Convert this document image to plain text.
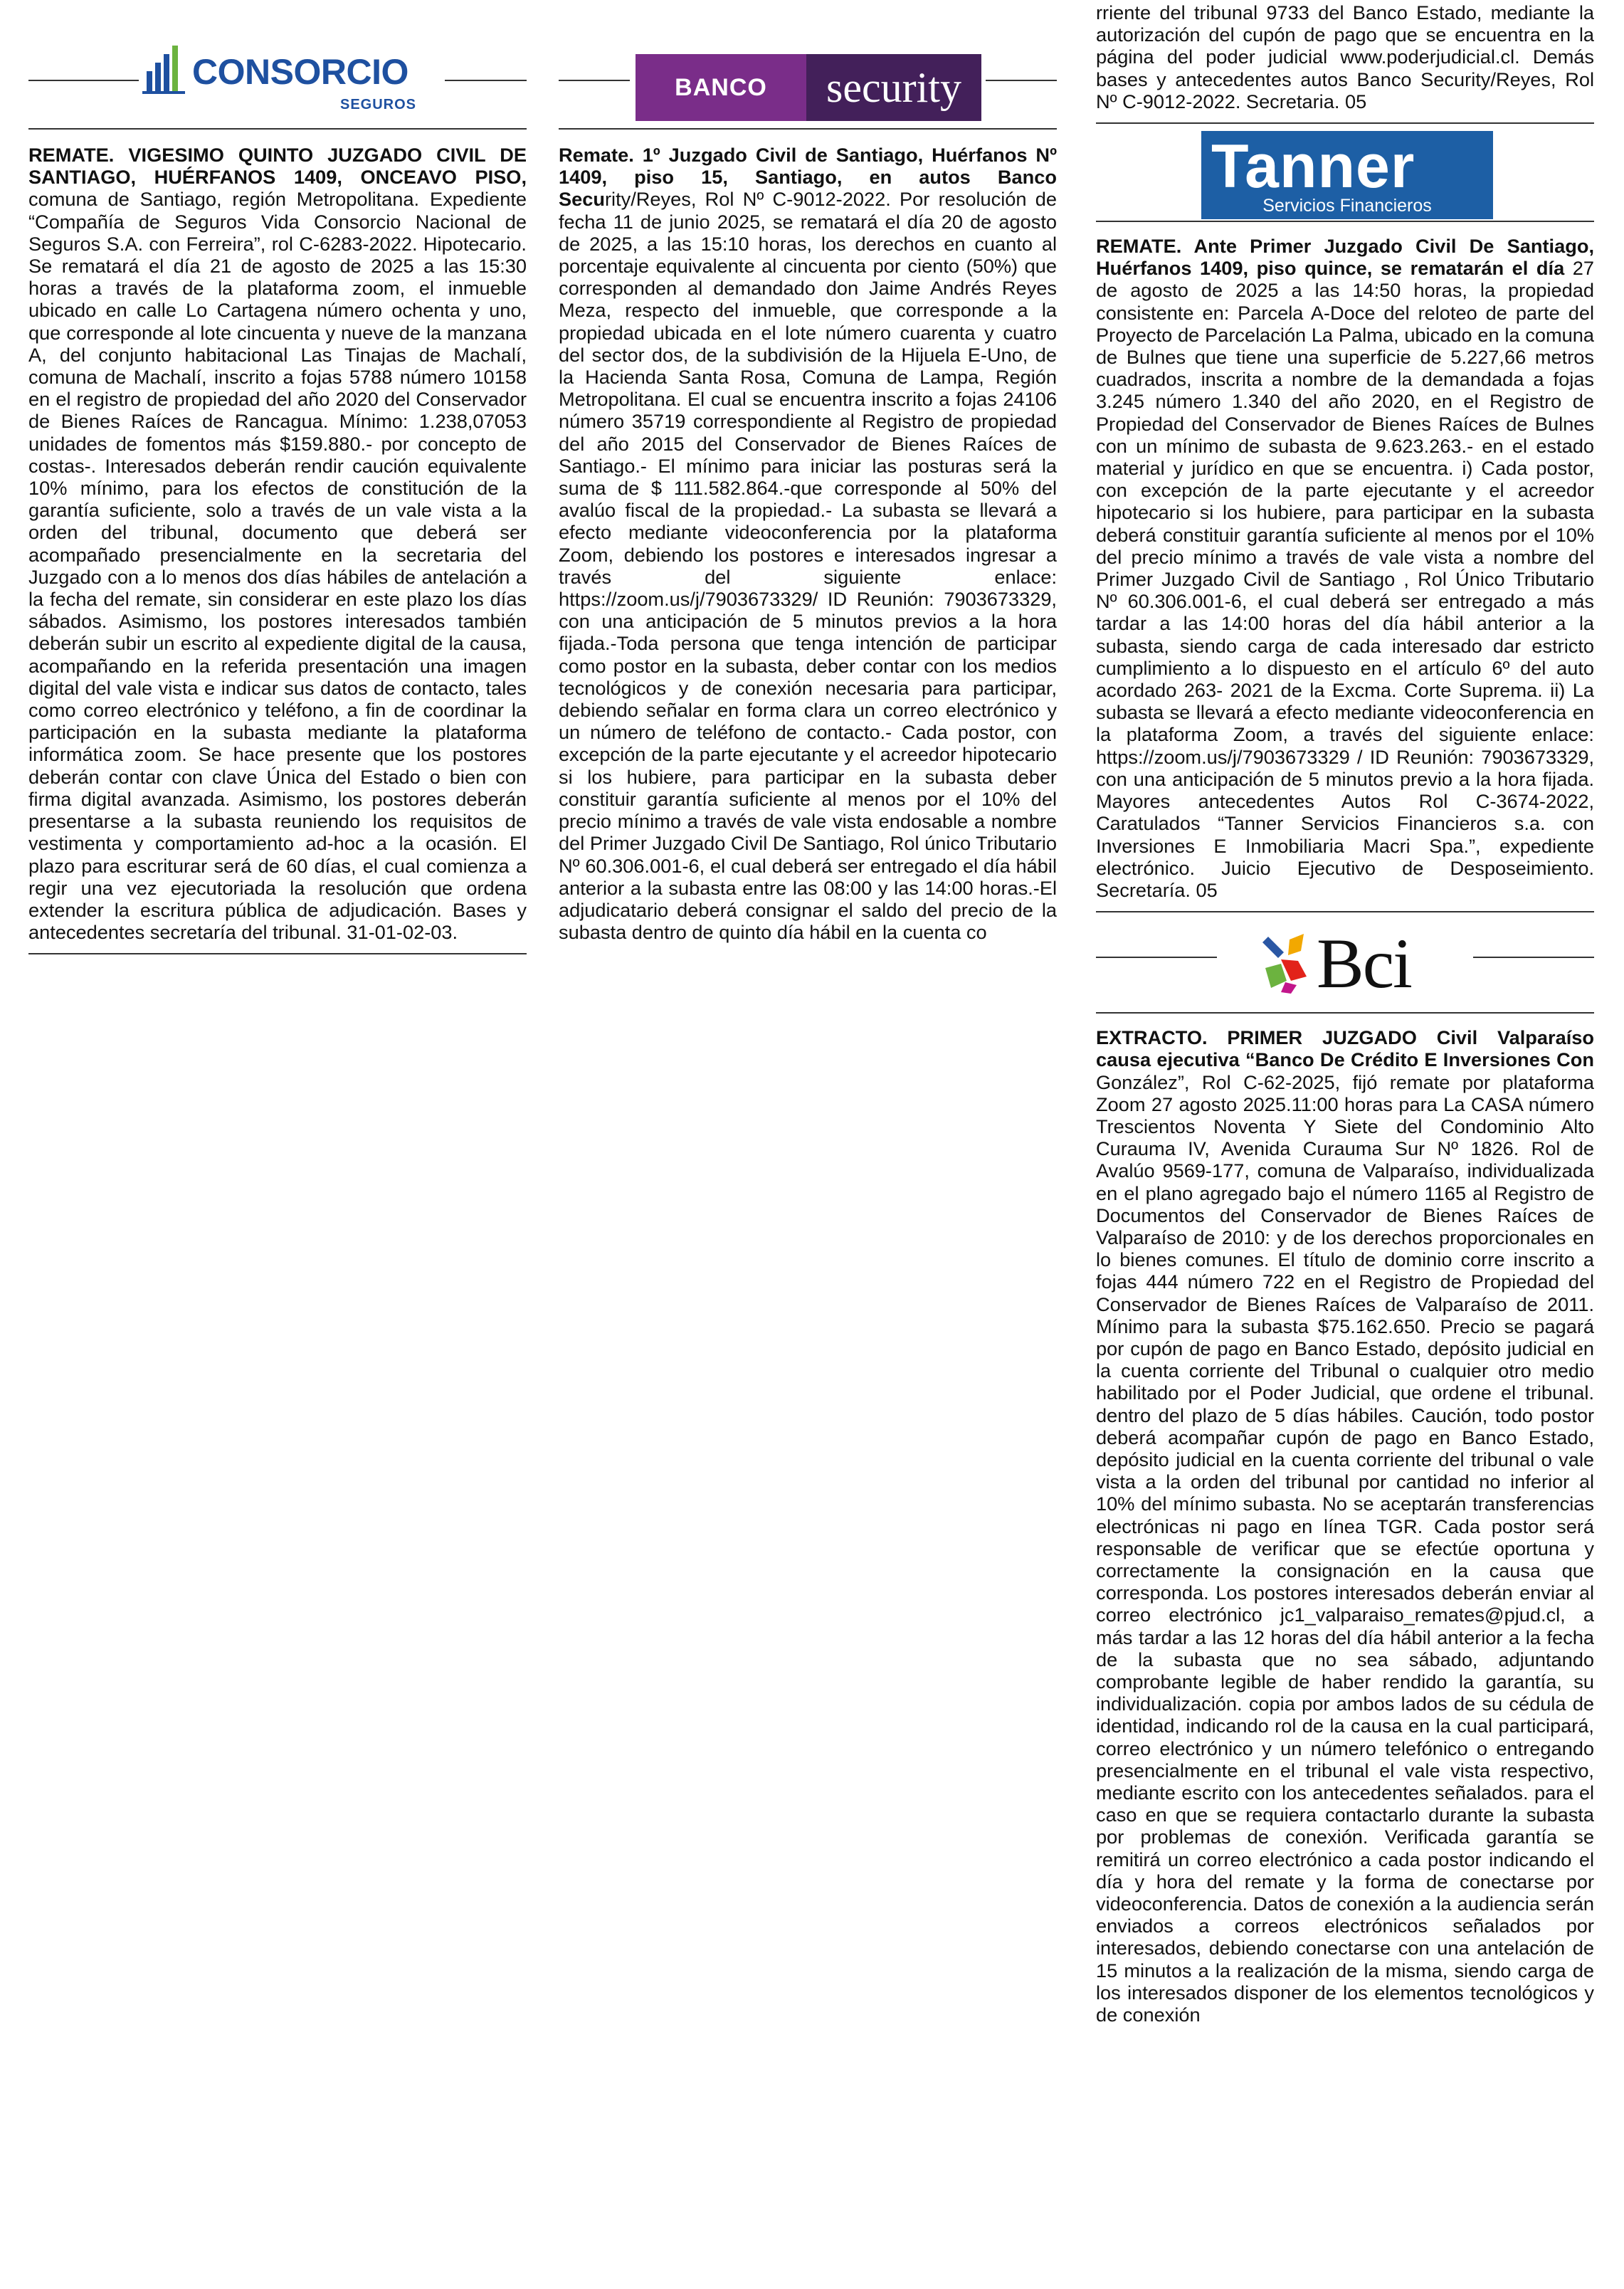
CONSORCIO
SEGUROS

REMATE. VIGESIMO QUINTO JUZGADO CIVIL DE SANTIAGO, HUÉRFANOS 1409, ONCEAVO PISO, comuna de Santiago, región Metropolitana. Expediente “Compañía de Seguros Vida Consorcio Nacional de Seguros S.A. con Ferreira”, rol C-6283-2022. Hipotecario. Se rematará el día 21 de agosto de 2025 a las 15:30 horas a través de la plataforma zoom, el inmueble ubicado en calle Lo Cartagena número ochenta y uno, que corresponde al lote cincuenta y nueve de la manzana A, del conjunto habitacional Las Tinajas de Machalí, comuna de Machalí, inscrito a fojas 5788 número 10158 en el registro de propiedad del año 2020 del Conservador de Bienes Raíces de Rancagua. Mínimo: 1.238,07053 unidades de fomentos más $159.880.- por concepto de costas-. Interesados deberán rendir caución equivalente 10% mínimo, para los efectos de constitución de la garantía suficiente, solo a través de un vale vista a la orden del tribunal, documento que deberá ser acompañado presencialmente en la secretaria del Juzgado con a lo menos dos días hábiles de antelación a la fecha del remate, sin considerar en este plazo los días sábados. Asimismo, los postores interesados también deberán subir un escrito al expediente digital de la causa, acompañando en la referida presentación una imagen digital del vale vista e indicar sus datos de contacto, tales como correo electrónico y teléfono, a fin de coordinar la participación en la subasta mediante la plataforma informática zoom. Se hace presente que los postores deberán contar con clave Única del Estado o bien con firma digital avanzada. Asimismo, los postores deberán presentarse a la subasta reuniendo los requisitos de vestimenta y comportamiento ad-hoc a la ocasión. El plazo para escriturar será de 60 días, el cual comienza a regir una vez ejecutoriada la resolución que ordena extender la escritura pública de adjudicación. Bases y antecedentes secretaría del tribunal. 31-01-02-03.

BANCO	security

Remate. 1º Juzgado Civil de Santiago, Huérfanos Nº 1409, piso 15, Santiago, en autos Banco Security/Reyes, Rol Nº C-9012-2022. Por resolución de fecha 11 de junio 2025, se rematará el día 20 de agosto de 2025, a las 15:10 horas, los derechos en cuanto al porcentaje equivalente al cincuenta por ciento (50%) que corresponden al demandado don Jaime Andrés Reyes Meza, respecto del inmueble, que corresponde a la propiedad ubicada en el lote número cuarenta y cuatro del sector dos, de la subdivisión de la Hijuela E-Uno, de la Hacienda Santa Rosa, Comuna de Lampa, Región Metropolitana. El cual se encuentra inscrito a fojas 24106 número 35719 correspondiente al Registro de propiedad del año 2015 del Conservador de Bienes Raíces de Santiago.- El mínimo para iniciar las posturas será la suma de $ 111.582.864.-que corresponde al 50% del avalúo fiscal de la propiedad.- La subasta se llevará a efecto mediante videoconferencia por la plataforma Zoom, debiendo los postores e interesados ingresar a través del siguiente enlace: https://zoom.us/j/7903673329/ ID Reunión: 7903673329, con una anticipación de 5 minutos previos a la hora fijada.-Toda persona que tenga intención de participar como postor en la subasta, deber contar con los medios tecnológicos y de conexión necesaria para participar, debiendo señalar en forma clara un correo electrónico y un número de teléfono de contacto.- Cada postor, con excepción de la parte ejecutante y el acreedor hipotecario si los hubiere, para participar en la subasta deber constituir garantía suficiente al menos por el 10% del precio mínimo a través de vale vista endosable a nombre del Primer Juzgado Civil De Santiago, Rol único Tributario Nº 60.306.001-6, el cual deberá ser entregado el día hábil anterior a la subasta entre las 08:00 y las 14:00 horas.-El adjudicatario deberá consignar el saldo del precio de la subasta dentro de quinto día hábil en la cuenta co

rriente del tribunal 9733 del Banco Estado, mediante la autorización del cupón de pago que se encuentra en la página del poder judicial www.poderjudicial.cl. Demás bases y antecedentes autos Banco Security/Reyes, Rol Nº C-9012-2022. Secretaria. 05

Tanner
Servicios Financieros

REMATE. Ante Primer Juzgado Civil De Santiago, Huérfanos 1409, piso quince, se rematarán el día 27 de agosto de 2025 a las 14:50 horas, la propiedad consistente en: Parcela A-Doce del reloteo de parte del Proyecto de Parcelación La Palma, ubicado en la comuna de Bulnes que tiene una superficie de 5.227,66 metros cuadrados, inscrita a nombre de la demandada a fojas 3.245 número 1.340 del año 2020, en el Registro de Propiedad del Conservador de Bienes Raíces de Bulnes con un mínimo de subasta de 9.623.263.- en el estado material y jurídico en que se encuentra. i) Cada postor, con excepción de la parte ejecutante y el acreedor hipotecario si los hubiere, para participar en la subasta deberá constituir garantía suficiente al menos por el 10% del precio mínimo a través de vale vista a nombre del Primer Juzgado Civil de Santiago , Rol Único Tributario Nº 60.306.001-6, el cual deberá ser entregado a más tardar a las 14:00 horas del día hábil anterior a la subasta, siendo carga de cada interesado dar estricto cumplimiento a lo dispuesto en el artículo 6º del auto acordado 263- 2021 de la Excma. Corte Suprema. ii) La subasta se llevará a efecto mediante videoconferencia en la plataforma Zoom, a través del siguiente enlace: https://zoom.us/j/7903673329 / ID Reunión: 7903673329, con una anticipación de 5 minutos previo a la hora fijada. Mayores antecedentes Autos Rol C-3674-2022, Caratulados “Tanner Servicios Financieros s.a. con Inversiones E Inmobiliaria Macri Spa.”, expediente electrónico. Juicio Ejecutivo de Desposeimiento. Secretaría. 05

Bci

EXTRACTO. PRIMER JUZGADO Civil Valparaíso causa ejecutiva “Banco De Crédito E Inversiones Con González”, Rol C-62-2025, fijó remate por plataforma Zoom 27 agosto 2025.11:00 horas para La CASA número Trescientos Noventa Y Siete del Condominio Alto Curauma IV, Avenida Curauma Sur Nº 1826. Rol de Avalúo 9569-177, comuna de Valparaíso, individualizada en el plano agregado bajo el número 1165 al Registro de Documentos del Conservador de Bienes Raíces de Valparaíso de 2010: y de los derechos proporcionales en lo bienes comunes. El título de dominio corre inscrito a fojas 444 número 722 en el Registro de Propiedad del Conservador de Bienes Raíces de Valparaíso de 2011. Mínimo para la subasta $75.162.650. Precio se pagará por cupón de pago en Banco Estado, depósito judicial en la cuenta corriente del Tribunal o cualquier otro medio habilitado por el Poder Judicial, que ordene el tribunal. dentro del plazo de 5 días hábiles. Caución, todo postor deberá acompañar cupón de pago en Banco Estado, depósito judicial en la cuenta corriente del tribunal o vale vista a la orden del tribunal por cantidad no inferior al 10% del mínimo subasta. No se aceptarán transferencias electrónicas ni pago en línea TGR. Cada postor será responsable de verificar que se efectúe oportuna y correctamente la consignación en la causa que corresponda. Los postores interesados deberán enviar al correo electrónico jc1_valparaiso_remates@pjud.cl, a más tardar a las 12 horas del día hábil anterior a la fecha de la subasta que no sea sábado, adjuntando comprobante legible de haber rendido la garantía, su individualización. copia por ambos lados de su cédula de identidad, indicando rol de la causa en la cual participará, correo electrónico y un número telefónico o entregando presencialmente en el tribunal el vale vista respectivo, mediante escrito con los antecedentes señalados. para el caso en que se requiera contactarlo durante la subasta por problemas de conexión. Verificada garantía se remitirá un correo electrónico a cada postor indicando el día y hora del remate y la forma de conectarse por videoconferencia. Datos de conexión a la audiencia serán enviados a correos electrónicos señalados por interesados, debiendo conectarse con una antelación de 15 minutos a la realización de la misma, siendo carga de los interesados disponer de los elementos tecnológicos y de conexión
